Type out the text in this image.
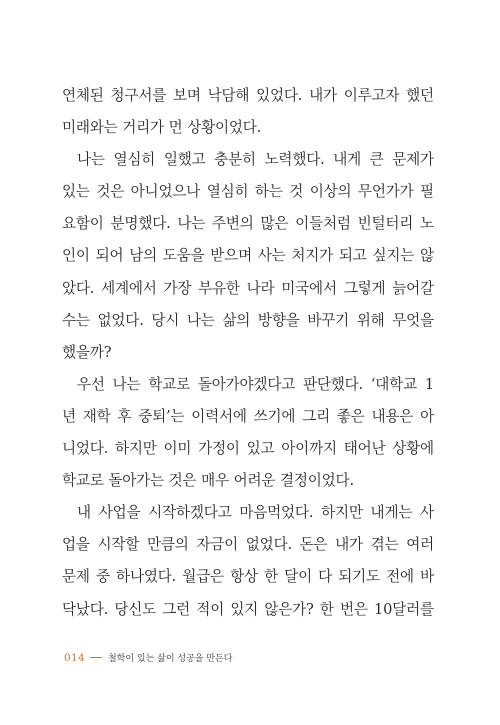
연체된 청구서를 보며 낙담해 있었다. 내가 이루고자 했던
미래와는 거리가 먼 상황이었다.
나는 열심히 일했고 충분히 노력했다. 내게 큰 문제가
있는 것은 아니었으나 열심히 하는 것 이상의 무언가가 필
요함이 분명했다. 나는 주변의 많은 이들처럼 빈털터리 노
인이 되어 남의 도움을 받으며 사는 처지가 되고 싶지는 않
았다. 세계에서 가장 부유한 나라 미국에서 그렇게 늙어갈
수는 없었다. 당시 나는 삶의 방향을 바꾸기 위해 무엇을
했을까?
우선 나는 학교로 돌아가야겠다고 판단했다. ‘대학교 1
년 재학 후 중퇴’는 이력서에 쓰기에 그리 좋은 내용은 아
니었다. 하지만 이미 가정이 있고 아이까지 태어난 상황에
학교로 돌아가는 것은 매우 어려운 결정이었다.
내 사업을 시작하겠다고 마음먹었다. 하지만 내게는 사
업을 시작할 만큼의 자금이 없었다. 돈은 내가 겪는 여러
문제 중 하나였다. 월급은 항상 한 달이 다 되기도 전에 바
닥났다. 당신도 그런 적이 있지 않은가? 한 번은 10달러를
014	철학이 있는 삶이 성공을 만든다
